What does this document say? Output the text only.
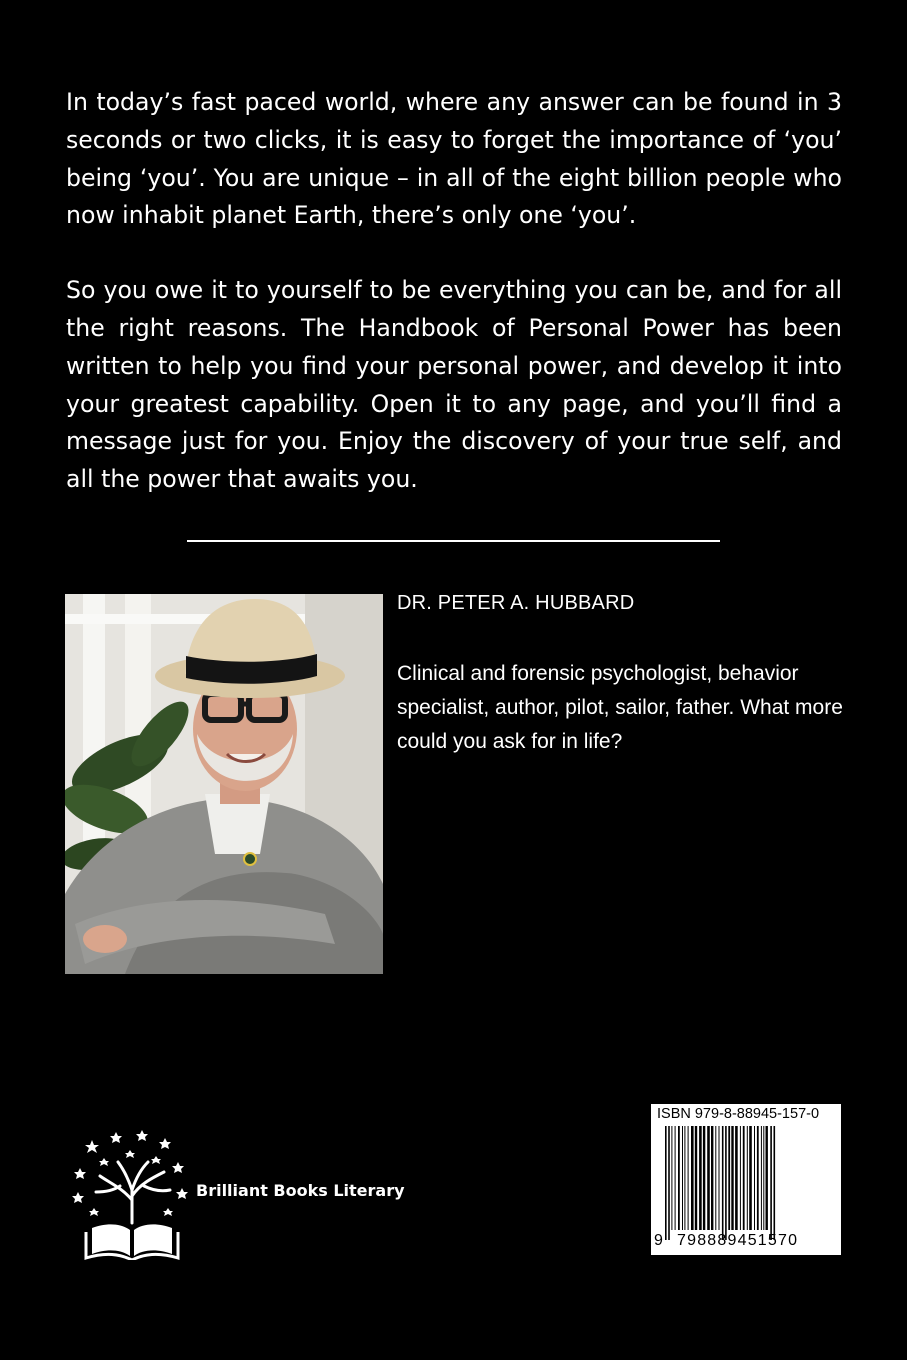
In today’s fast paced world, where any answer can be found in 3 seconds or two clicks, it is easy to forget the importance of ‘you’ being ‘you’. You are unique – in all of the eight billion people who now inhabit planet Earth, there’s only one ‘you’.

So you owe it to yourself to be everything you can be, and for all the right reasons. The Handbook of Personal Power has been written to help you find your personal power, and develop it into your greatest capability. Open it to any page, and you’ll find a message just for you. Enjoy the discovery of your true self, and all the power that awaits you.

DR. PETER A. HUBBARD

Clinical and forensic psychologist, behavior specialist, author, pilot, sailor, father. What more could you ask for in life?

Brilliant Books Literary

ISBN 979-8-88945-157-0
9 798889451570
